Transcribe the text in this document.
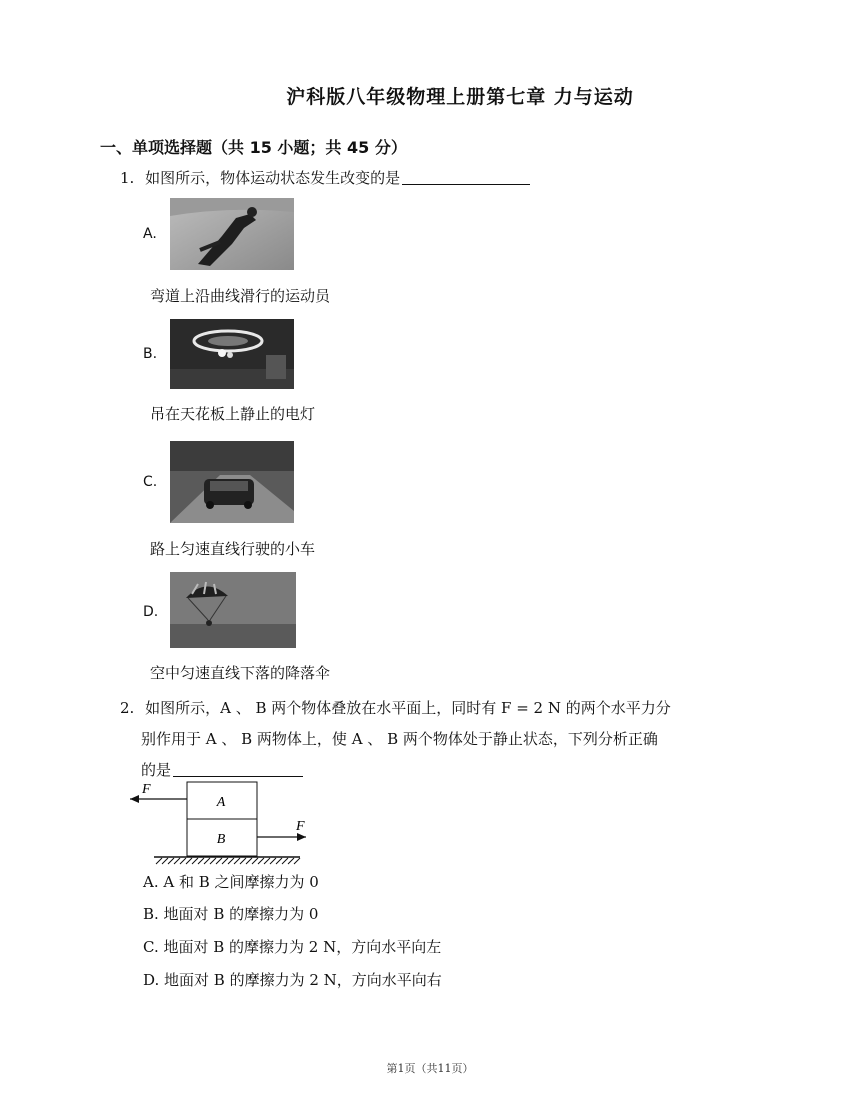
沪科版八年级物理上册第七章 力与运动
一、单项选择题（共 15 小题；共 45 分）
1. 如图所示，物体运动状态发生改变的是
A.
弯道上沿曲线滑行的运动员
B.
吊在天花板上静止的电灯
C.
路上匀速直线行驶的小车
D.
空中匀速直线下落的降落伞
2. 如图所示，A 、 B 两个物体叠放在水平面上，同时有 F = 2 N 的两个水平力分
别作用于 A 、 B 两物体上，使 A 、 B 两个物体处于静止状态，下列分析正确
的是
A
B
F
F
A. A 和 B 之间摩擦力为 0
B. 地面对 B 的摩擦力为 0
C. 地面对 B 的摩擦力为 2 N，方向水平向左
D. 地面对 B 的摩擦力为 2 N，方向水平向右
第1页（共11页）
